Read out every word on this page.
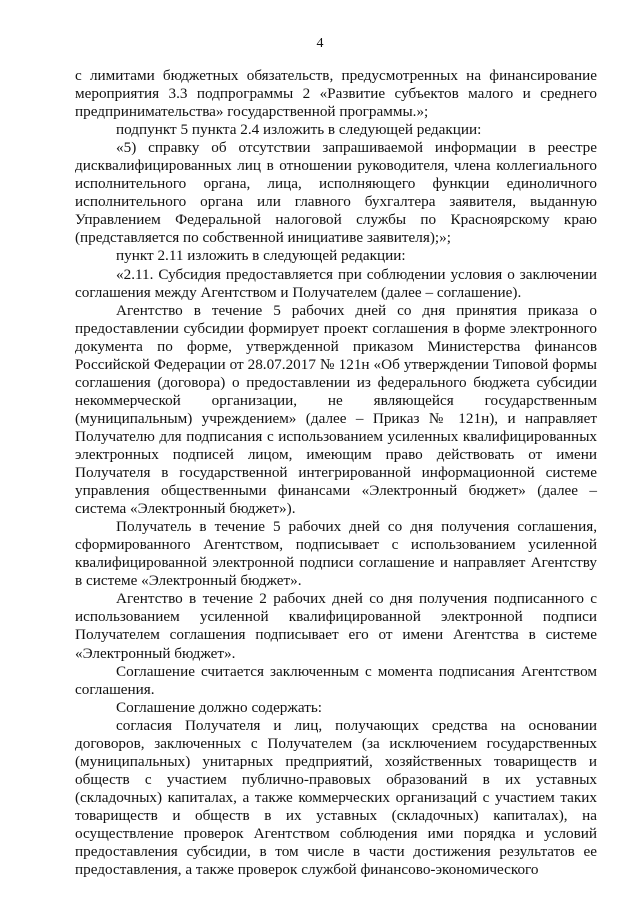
4

с лимитами бюджетных обязательств, предусмотренных на финансирование мероприятия 3.3 подпрограммы 2 «Развитие субъектов малого и среднего предпринимательства» государственной программы.»;

подпункт 5 пункта 2.4 изложить в следующей редакции:

«5) справку об отсутствии запрашиваемой информации в реестре дисквалифицированных лиц в отношении руководителя, члена коллегиального исполнительного органа, лица, исполняющего функции единоличного исполнительного органа или главного бухгалтера заявителя, выданную Управлением Федеральной налоговой службы по Красноярскому краю (представляется по собственной инициативе заявителя);»;

пункт 2.11 изложить в следующей редакции:

«2.11. Субсидия предоставляется при соблюдении условия о заключении соглашения между Агентством и Получателем (далее – соглашение).

Агентство в течение 5 рабочих дней со дня принятия приказа о предоставлении субсидии формирует проект соглашения в форме электронного документа по форме, утвержденной приказом Министерства финансов Российской Федерации от 28.07.2017 № 121н «Об утверждении Типовой формы соглашения (договора) о предоставлении из федерального бюджета субсидии некоммерческой организации, не являющейся государственным (муниципальным) учреждением» (далее – Приказ № 121н), и направляет Получателю для подписания с использованием усиленных квалифицированных электронных подписей лицом, имеющим право действовать от имени Получателя в государственной интегрированной информационной системе управления общественными финансами «Электронный бюджет» (далее – система «Электронный бюджет»).

Получатель в течение 5 рабочих дней со дня получения соглашения, сформированного Агентством, подписывает с использованием усиленной квалифицированной электронной подписи соглашение и направляет Агентству в системе «Электронный бюджет».

Агентство в течение 2 рабочих дней со дня получения подписанного с использованием усиленной квалифицированной электронной подписи Получателем соглашения подписывает его от имени Агентства в системе «Электронный бюджет».

Соглашение считается заключенным с момента подписания Агентством соглашения.

Соглашение должно содержать:

согласия Получателя и лиц, получающих средства на основании договоров, заключенных с Получателем (за исключением государственных (муниципальных) унитарных предприятий, хозяйственных товариществ и обществ с участием публично-правовых образований в их уставных (складочных) капиталах, а также коммерческих организаций с участием таких товариществ и обществ в их уставных (складочных) капиталах), на осуществление проверок Агентством соблюдения ими порядка и условий предоставления субсидии, в том числе в части достижения результатов ее предоставления, а также проверок службой финансово-экономического
